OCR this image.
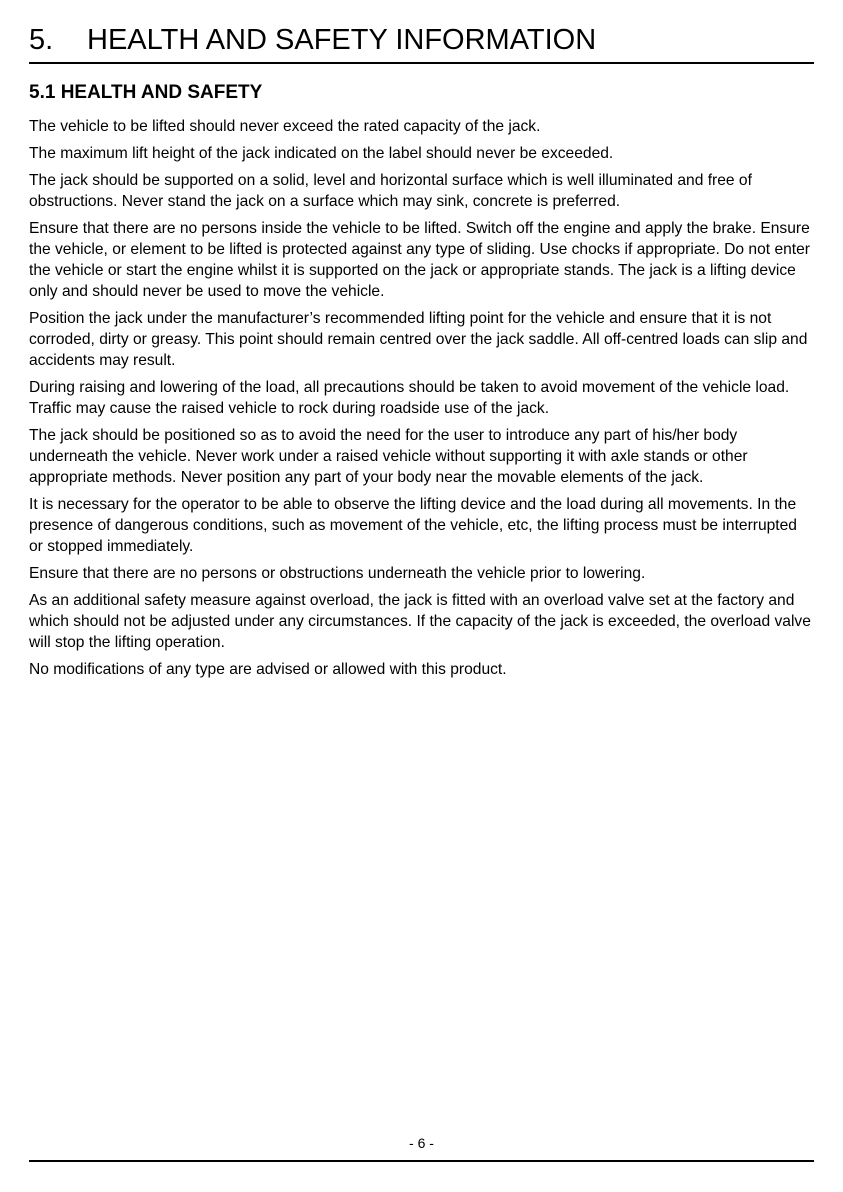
5. HEALTH AND SAFETY INFORMATION
5.1 HEALTH AND SAFETY

The vehicle to be lifted should never exceed the rated capacity of the jack.

The maximum lift height of the jack indicated on the label should never be exceeded.

The jack should be supported on a solid, level and horizontal surface which is well illuminated and free of obstructions. Never stand the jack on a surface which may sink, concrete is preferred.

Ensure that there are no persons inside the vehicle to be lifted. Switch off the engine and apply the brake. Ensure the vehicle, or element to be lifted is protected against any type of sliding. Use chocks if appropriate. Do not enter the vehicle or start the engine whilst it is supported on the jack or appropriate stands. The jack is a lifting device only and should never be used to move the vehicle.

Position the jack under the manufacturer’s recommended lifting point for the vehicle and ensure that it is not corroded, dirty or greasy. This point should remain centred over the jack saddle. All off-centred loads can slip and accidents may result.

During raising and lowering of the load, all precautions should be taken to avoid movement of the vehicle load. Traffic may cause the raised vehicle to rock during roadside use of the jack.

The jack should be positioned so as to avoid the need for the user to introduce any part of his/her body underneath the vehicle. Never work under a raised vehicle without supporting it with axle stands or other appropriate methods. Never position any part of your body near the movable elements of the jack.

It is necessary for the operator to be able to observe the lifting device and the load during all movements. In the presence of dangerous conditions, such as movement of the vehicle, etc, the lifting process must be interrupted or stopped immediately.

Ensure that there are no persons or obstructions underneath the vehicle prior to lowering.

As an additional safety measure against overload, the jack is fitted with an overload valve set at the factory and which should not be adjusted under any circumstances. If the capacity of the jack is exceeded, the overload valve will stop the lifting operation.

No modifications of any type are advised or allowed with this product.

- 6 -
